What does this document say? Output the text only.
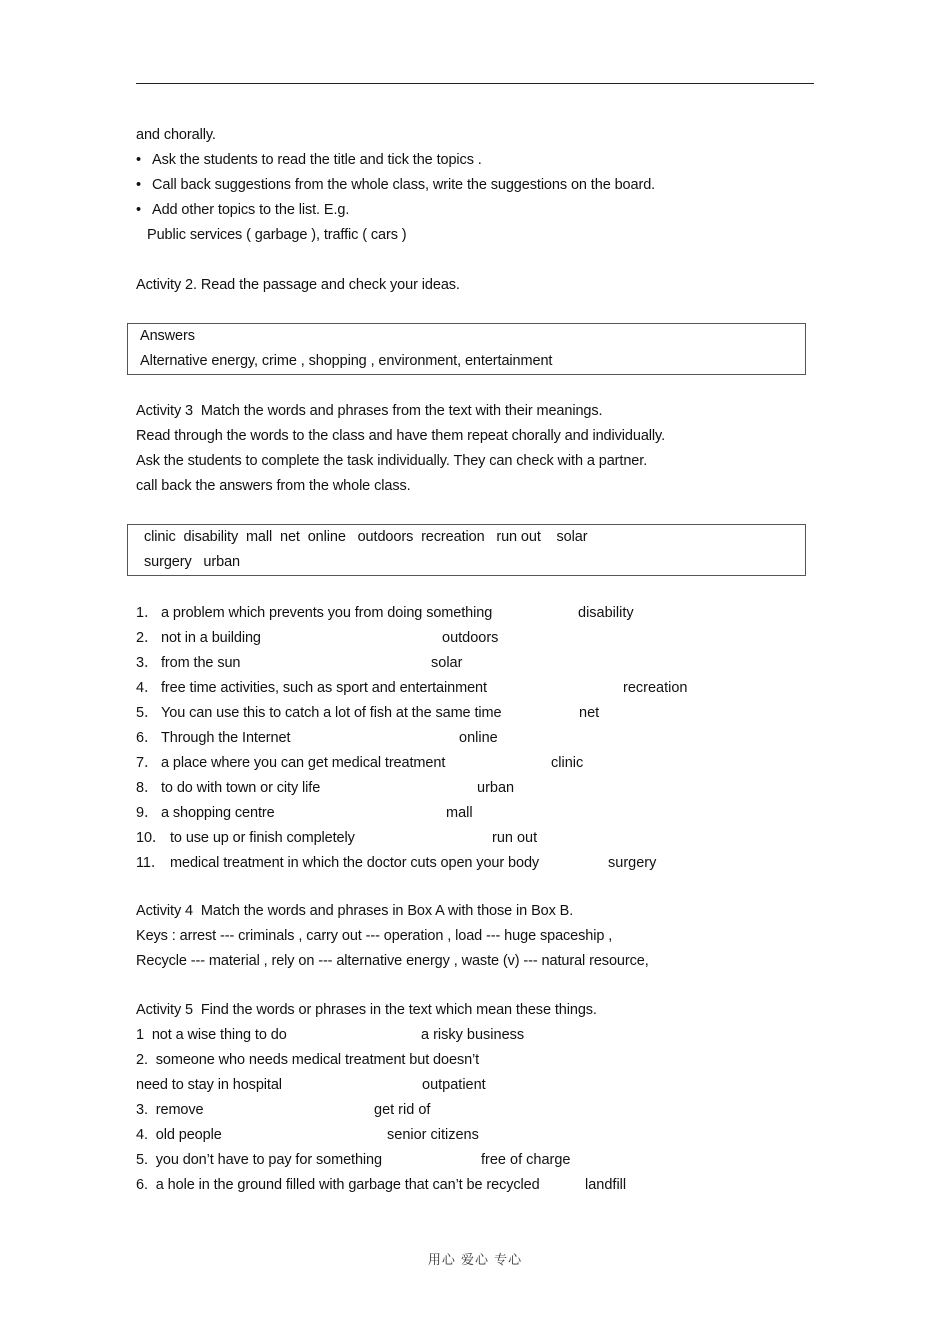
and chorally.
• Ask the students to read the title and tick the topics .
• Call back suggestions from the whole class, write the suggestions on the board.
• Add other topics to the list. E.g.
Public services ( garbage ), traffic ( cars )
Activity 2. Read the passage and check your ideas.
Answers
Alternative energy, crime , shopping , environment, entertainment
Activity 3  Match the words and phrases from the text with their meanings.
Read through the words to the class and have them repeat chorally and individually.
Ask the students to complete the task individually. They can check with a partner.
call back the answers from the whole class.
clinic  disability  mall  net  online   outdoors  recreation   run out    solar
surgery   urban
1． a problem which prevents you from doing something	disability
2． not in a building	outdoors
3． from the sun	solar
4． free time activities, such as sport and entertainment	recreation
5． You can use this to catch a lot of fish at the same time	net
6． Through the Internet	online
7． a place where you can get medical treatment	clinic
8． to do with town or city life	urban
9． a shopping centre	mall
10． to use up or finish completely	run out
11． medical treatment in which the doctor cuts open your body	surgery
Activity 4  Match the words and phrases in Box A with those in Box B.
Keys : arrest --- criminals , carry out --- operation , load --- huge spaceship ,
Recycle --- material , rely on --- alternative energy , waste (v) --- natural resource,
Activity 5  Find the words or phrases in the text which mean these things.
1  not a wise thing to do	a risky business
2.  someone who needs medical treatment but doesn’t
need to stay in hospital	outpatient
3.  remove	get rid of
4.  old people	senior citizens
5.  you don’t have to pay for something	free of charge
6.  a hole in the ground filled with garbage that can’t be recycled	landfill
用心 爱心 专心
